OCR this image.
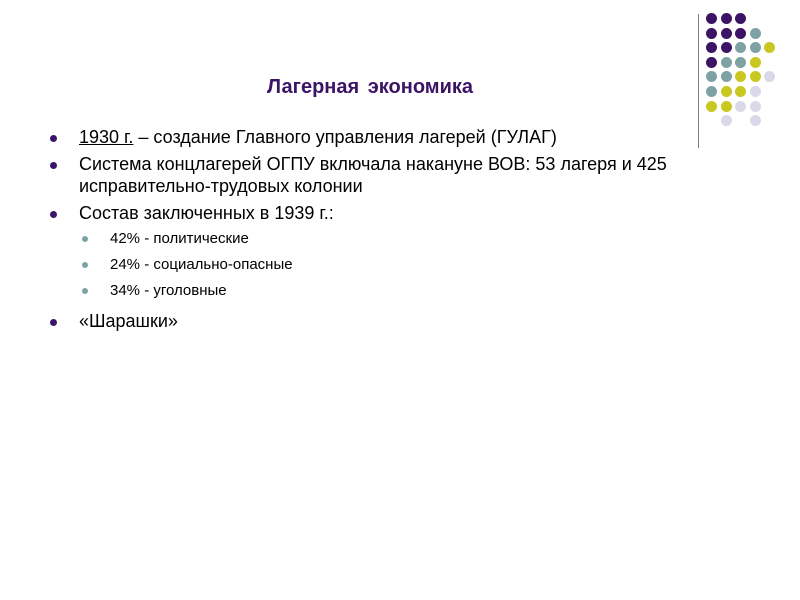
Лагерная экономика
1930 г. – создание Главного управления лагерей (ГУЛАГ)
Система концлагерей ОГПУ включала накануне ВОВ: 53 лагеря и 425 исправительно-трудовых колонии
Состав заключенных в 1939 г.:
42% - политические
24% - социально-опасные
34% - уголовные
«Шарашки»
